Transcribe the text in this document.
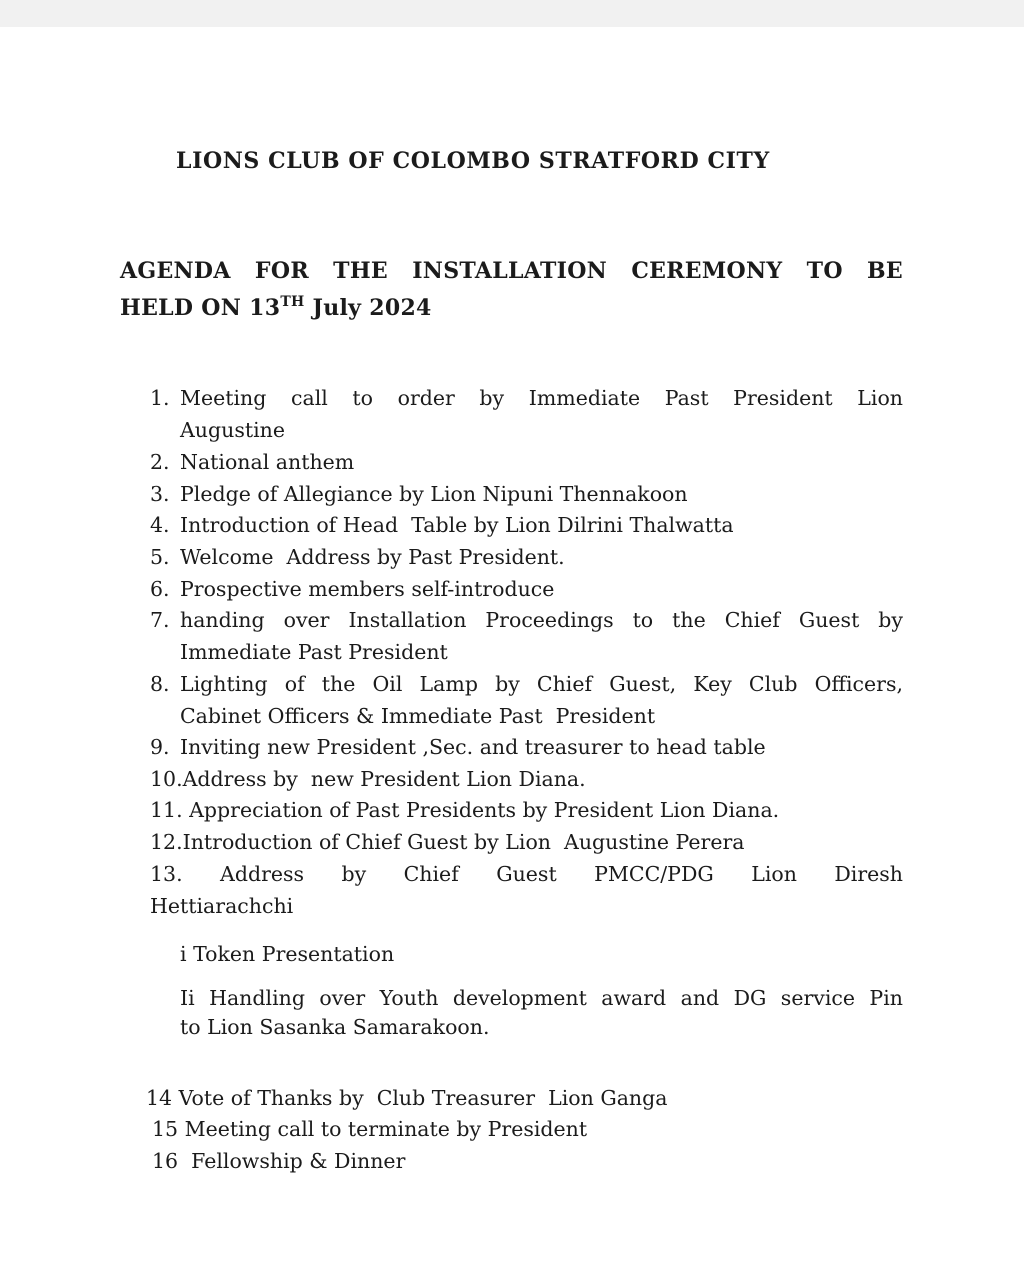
LIONS CLUB OF COLOMBO STRATFORD CITY
AGENDA FOR THE INSTALLATION CEREMONY TO BE
HELD ON 13TH July 2024
1. Meeting call to order by Immediate Past President Lion
Augustine
2. National anthem
3. Pledge of Allegiance by Lion Nipuni Thennakoon
4. Introduction of Head  Table by Lion Dilrini Thalwatta
5. Welcome  Address by Past President.
6. Prospective members self-introduce
7. handing over Installation Proceedings to the Chief Guest by
Immediate Past President
8. Lighting of the Oil Lamp by Chief Guest, Key Club Officers,
Cabinet Officers & Immediate Past  President
9. Inviting new President ,Sec. and treasurer to head table
10.Address by  new President Lion Diana.
11. Appreciation of Past Presidents by President Lion Diana.
12.Introduction of Chief Guest by Lion  Augustine Perera
13. Address by Chief Guest PMCC/PDG Lion Diresh
Hettiarachchi
i Token Presentation
Ii Handling over Youth development award and DG service Pin
to Lion Sasanka Samarakoon.
14 Vote of Thanks by  Club Treasurer  Lion Ganga
15 Meeting call to terminate by President
16  Fellowship & Dinner
